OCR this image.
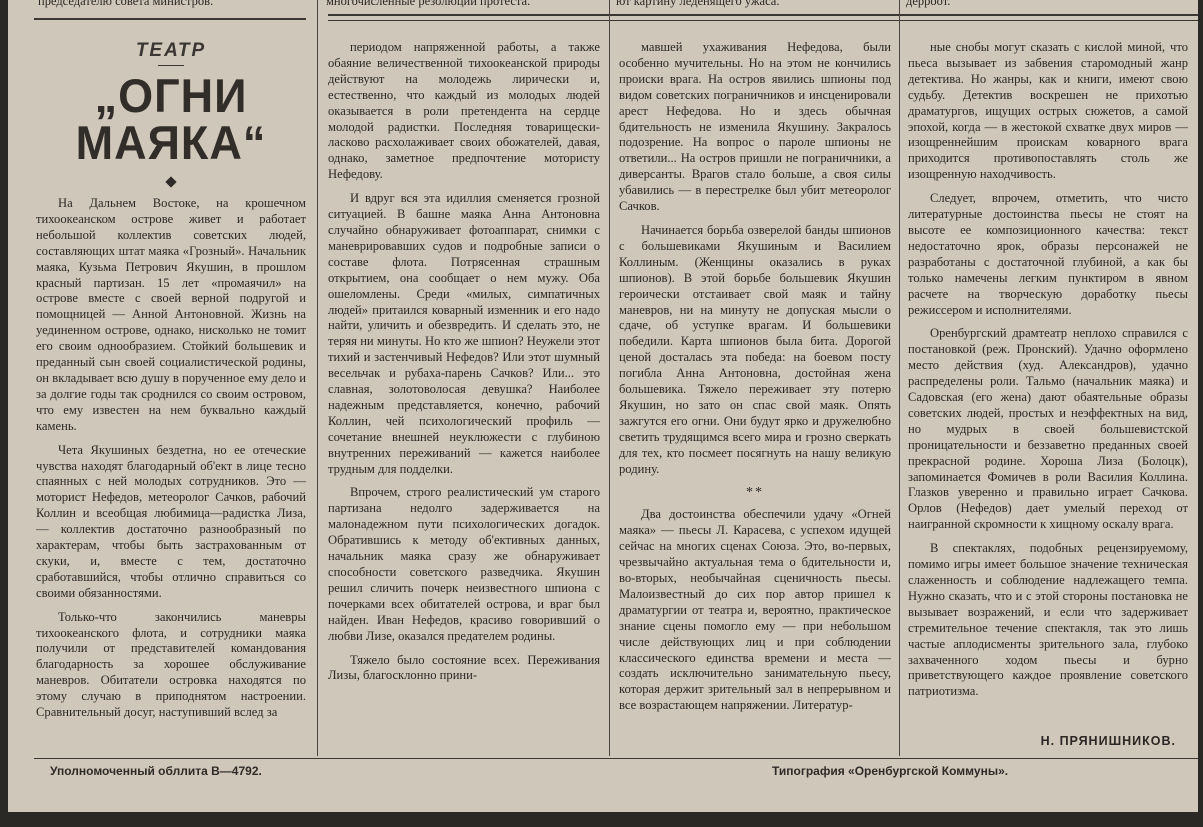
председателю совета министров.	многочисленные резолюции протеста.	ют картину леденящего ужаса.	дерроот.
ТЕАТР
„ОГНИ
МАЯКА“

На Дальнем Востоке, на крошечном тихоокеанском острове живет и работает небольшой коллектив советских людей, составляющих штат маяка «Грозный». Начальник маяка, Кузьма Петрович Якушин, в прошлом красный партизан. 15 лет «промаячил» на острове вместе с своей верной подругой и помощницей — Анной Антоновной. Жизнь на уединенном острове, однако, нисколько не томит его своим однообразием. Стойкий большевик и преданный сын своей социалистической родины, он вкладывает всю душу в порученное ему дело и за долгие годы так сроднился со своим островом, что ему известен на нем буквально каждый камень.

Чета Якушиных бездетна, но ее отеческие чувства находят благодарный об'ект в лице тесно спаянных с ней молодых сотрудников. Это — моторист Нефедов, метеоролог Сачков, рабочий Коллин и всеобщая любимица—радистка Лиза, — коллектив достаточно разнообразный по характерам, чтобы быть застрахованным от скуки, и, вместе с тем, достаточно сработавшийся, чтобы отлично справиться со своими обязанностями.

Только-что закончились маневры тихоокеанского флота, и сотрудники маяка получили от представителей командования благодарность за хорошее обслуживание маневров. Обитатели островка находятся по этому случаю в приподнятом настроении. Сравнительный досуг, наступивший вслед за

периодом напряженной работы, а также обаяние величественной тихоокеанской природы действуют на молодежь лирически и, естественно, что каждый из молодых людей оказывается в роли претендента на сердце молодой радистки. Последняя товарищески-ласково расхолаживает своих обожателей, давая, однако, заметное предпочтение мотористу Нефедову.

И вдруг вся эта идиллия сменяется грозной ситуацией. В башне маяка Анна Антоновна случайно обнаруживает фотоаппарат, снимки с маневрировавших судов и подробные записи о составе флота. Потрясенная страшным открытием, она сообщает о нем мужу. Оба ошеломлены. Среди «милых, симпатичных людей» притаился коварный изменник и его надо найти, уличить и обезвредить. И сделать это, не теряя ни минуты. Но кто же шпион? Неужели этот тихий и застенчивый Нефедов? Или этот шумный весельчак и рубаха-парень Сачков? Или... это славная, золотоволосая девушка? Наиболее надежным представляется, конечно, рабочий Коллин, чей психологический профиль — сочетание внешней неуклюжести с глубиною внутренних переживаний — кажется наиболее трудным для подделки.

Впрочем, строго реалистический ум старого партизана недолго задерживается на малонадежном пути психологических догадок. Обратившись к методу об'ективных данных, начальник маяка сразу же обнаруживает способности советского разведчика. Якушин решил сличить почерк неизвестного шпиона с почерками всех обитателей острова, и враг был найден. Иван Нефедов, красиво говоривший о любви Лизе, оказался предателем родины.

Тяжело было состояние всех. Переживания Лизы, благосклонно прини-

мавшей ухаживания Нефедова, были особенно мучительны. Но на этом не кончились происки врага. На остров явились шпионы под видом советских пограничников и инсценировали арест Нефедова. Но и здесь обычная бдительность не изменила Якушину. Закралось подозрение. На вопрос о пароле шпионы не ответили... На остров пришли не пограничники, а диверсанты. Врагов стало больше, а своя силы убавились — в перестрелке был убит метеоролог Сачков.

Начинается борьба озверелой банды шпионов с большевиками Якушиным и Василием Коллиным. (Женщины оказались в руках шпионов). В этой борьбе большевик Якушин героически отстаивает свой маяк и тайну маневров, ни на минуту не допуская мысли о сдаче, об уступке врагам. И большевики победили. Карта шпионов была бита. Дорогой ценой досталась эта победа: на боевом посту погибла Анна Антоновна, достойная жена большевика. Тяжело переживает эту потерю Якушин, но зато он спас свой маяк. Опять зажгутся его огни. Они будут ярко и дружелюбно светить трудящимся всего мира и грозно сверкать для тех, кто посмеет посягнуть на нашу великую родину.

**

Два достоинства обеспечили удачу «Огней маяка» — пьесы Л. Карасева, с успехом идущей сейчас на многих сценах Союза. Это, во-первых, чрезвычайно актуальная тема о бдительности и, во-вторых, необычайная сценичность пьесы. Малоизвестный до сих пор автор пришел к драматургии от театра и, вероятно, практическое знание сцены помогло ему — при небольшом числе действующих лиц и при соблюдении классического единства времени и места — создать исключительно занимательную пьесу, которая держит зрительный зал в непрерывном и все возрастающем напряжении. Литератур-

ные снобы могут сказать с кислой миной, что пьеса вызывает из забвения старомодный жанр детектива. Но жанры, как и книги, имеют свою судьбу. Детектив воскрешен не прихотью драматургов, ищущих острых сюжетов, а самой эпохой, когда — в жестокой схватке двух миров — изощреннейшим проискам коварного врага приходится противопоставлять столь же изощренную находчивость.

Следует, впрочем, отметить, что чисто литературные достоинства пьесы не стоят на высоте ее композиционного качества: текст недостаточно ярок, образы персонажей не разработаны с достаточной глубиной, а как бы только намечены легким пунктиром в явном расчете на творческую доработку пьесы режиссером и исполнителями.

Оренбургский драмтеатр неплохо справился с постановкой (реж. Пронский). Удачно оформлено место действия (худ. Александров), удачно распределены роли. Тальмо (начальник маяка) и Садовская (его жена) дают обаятельные образы советских людей, простых и неэффектных на вид, но мудрых в своей большевистской проницательности и беззаветно преданных своей прекрасной родине. Хороша Лиза (Болоцк), запоминается Фомичев в роли Василия Коллина. Глазков уверенно и правильно играет Сачкова. Орлов (Нефедов) дает умелый переход от наигранной скромности к хищному оскалу врага.

В спектаклях, подобных рецензируемому, помимо игры имеет большое значение техническая слаженность и соблюдение надлежащего темпа. Нужно сказать, что и с этой стороны постановка не вызывает возражений, и если что задерживает стремительное течение спектакля, так это лишь частые аплодисменты зрительного зала, глубоко захваченного ходом пьесы и бурно приветствующего каждое проявление советского патриотизма.

Н. ПРЯНИШНИКОВ.
Уполномоченный обллита В—4792.	Типография «Оренбургской Коммуны».
